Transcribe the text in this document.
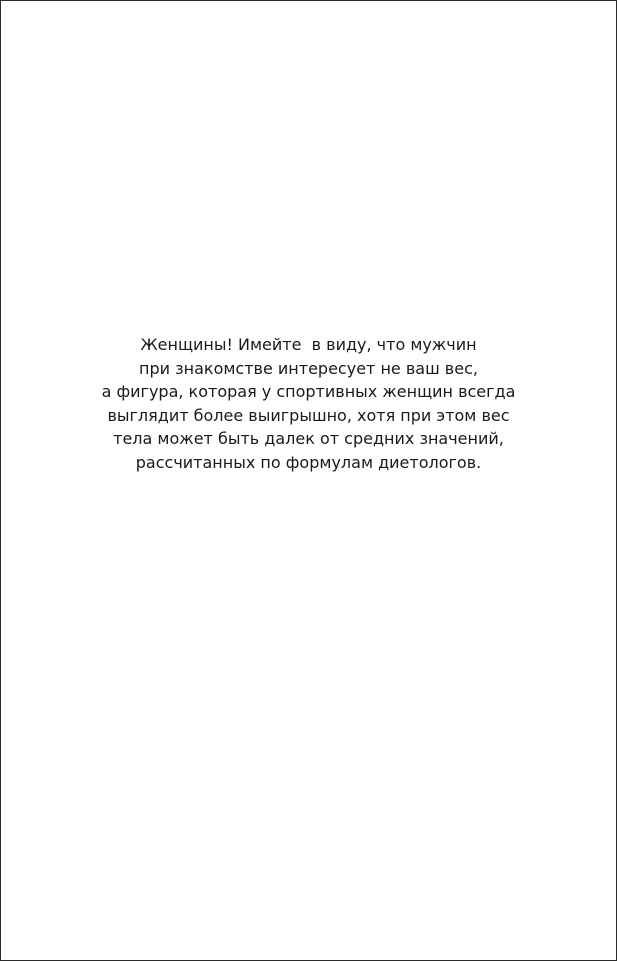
Женщины! Имейте  в виду, что мужчин
при знакомстве интересует не ваш вес,
а фигура, которая у спортивных женщин всегда
выглядит более выигрышно, хотя при этом вес
тела может быть далек от средних значений,
рассчитанных по формулам диетологов.
